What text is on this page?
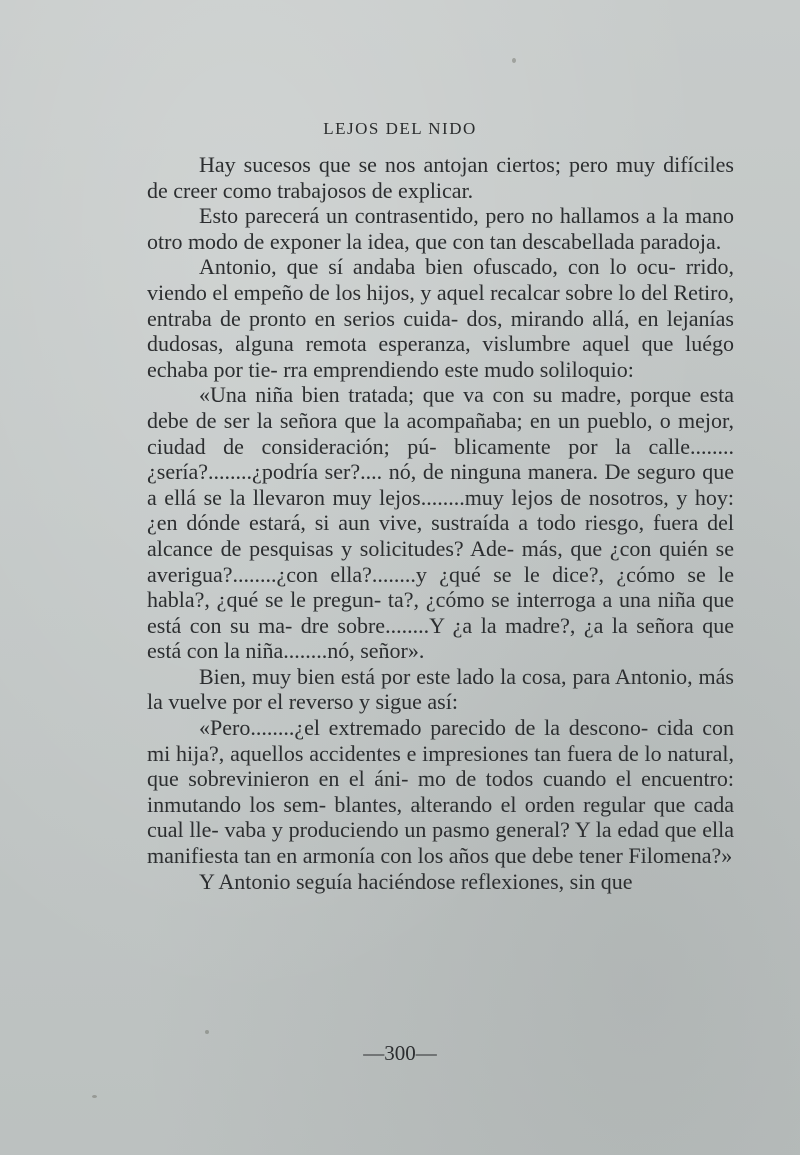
LEJOS DEL NIDO

Hay sucesos que se nos antojan ciertos; pero muy difíciles de creer como trabajosos de explicar.

Esto parecerá un contrasentido, pero no hallamos a la mano otro modo de exponer la idea, que con tan descabellada paradoja.

Antonio, que sí andaba bien ofuscado, con lo ocu- rrido, viendo el empeño de los hijos, y aquel recalcar sobre lo del Retiro, entraba de pronto en serios cuida- dos, mirando allá, en lejanías dudosas, alguna remota esperanza, vislumbre aquel que luégo echaba por tie- rra emprendiendo este mudo soliloquio:

«Una niña bien tratada; que va con su madre, porque esta debe de ser la señora que la acompañaba; en un pueblo, o mejor, ciudad de consideración; pú- blicamente por la calle........¿sería?........¿podría ser?.... nó, de ninguna manera. De seguro que a ellá se la llevaron muy lejos........muy lejos de nosotros, y hoy: ¿en dónde estará, si aun vive, sustraída a todo riesgo, fuera del alcance de pesquisas y solicitudes? Ade- más, que ¿con quién se averigua?........¿con ella?........y ¿qué se le dice?, ¿cómo se le habla?, ¿qué se le pregun- ta?, ¿cómo se interroga a una niña que está con su ma- dre sobre........Y ¿a la madre?, ¿a la señora que está con la niña........nó, señor».

Bien, muy bien está por este lado la cosa, para Antonio, más la vuelve por el reverso y sigue así:

«Pero........¿el extremado parecido de la descono- cida con mi hija?, aquellos accidentes e impresiones tan fuera de lo natural, que sobrevinieron en el áni- mo de todos cuando el encuentro: inmutando los sem- blantes, alterando el orden regular que cada cual lle- vaba y produciendo un pasmo general? Y la edad que ella manifiesta tan en armonía con los años que debe tener Filomena?»

Y Antonio seguía haciéndose reflexiones, sin que

—300—
